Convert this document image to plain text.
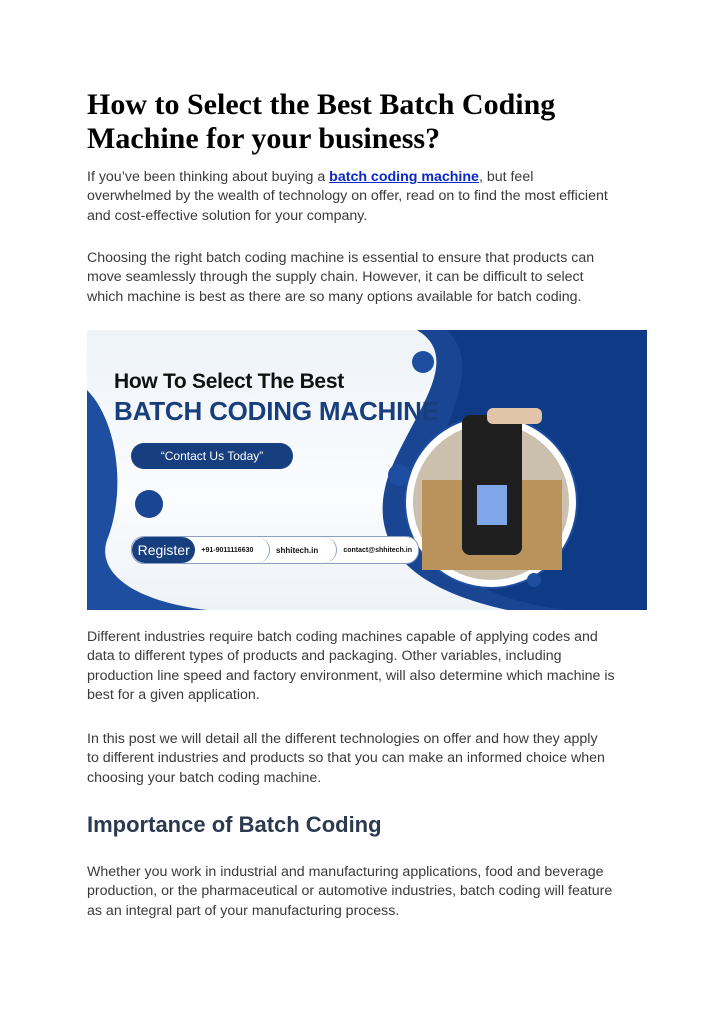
How to Select the Best Batch Coding
Machine for your business?
If you’ve been thinking about buying a batch coding machine, but feel
overwhelmed by the wealth of technology on offer, read on to find the most efficient
and cost-effective solution for your company.
Choosing the right batch coding machine is essential to ensure that products can
move seamlessly through the supply chain. However, it can be difficult to select
which machine is best as there are so many options available for batch coding.
How To Select The Best
BATCH CODING MACHINE
“Contact Us Today”
Register	+91-9011116630	shhitech.in	contact@shhitech.in
Different industries require batch coding machines capable of applying codes and
data to different types of products and packaging. Other variables, including
production line speed and factory environment, will also determine which machine is
best for a given application.
In this post we will detail all the different technologies on offer and how they apply
to different industries and products so that you can make an informed choice when
choosing your batch coding machine.
Importance of Batch Coding
Whether you work in industrial and manufacturing applications, food and beverage
production, or the pharmaceutical or automotive industries, batch coding will feature
as an integral part of your manufacturing process.
